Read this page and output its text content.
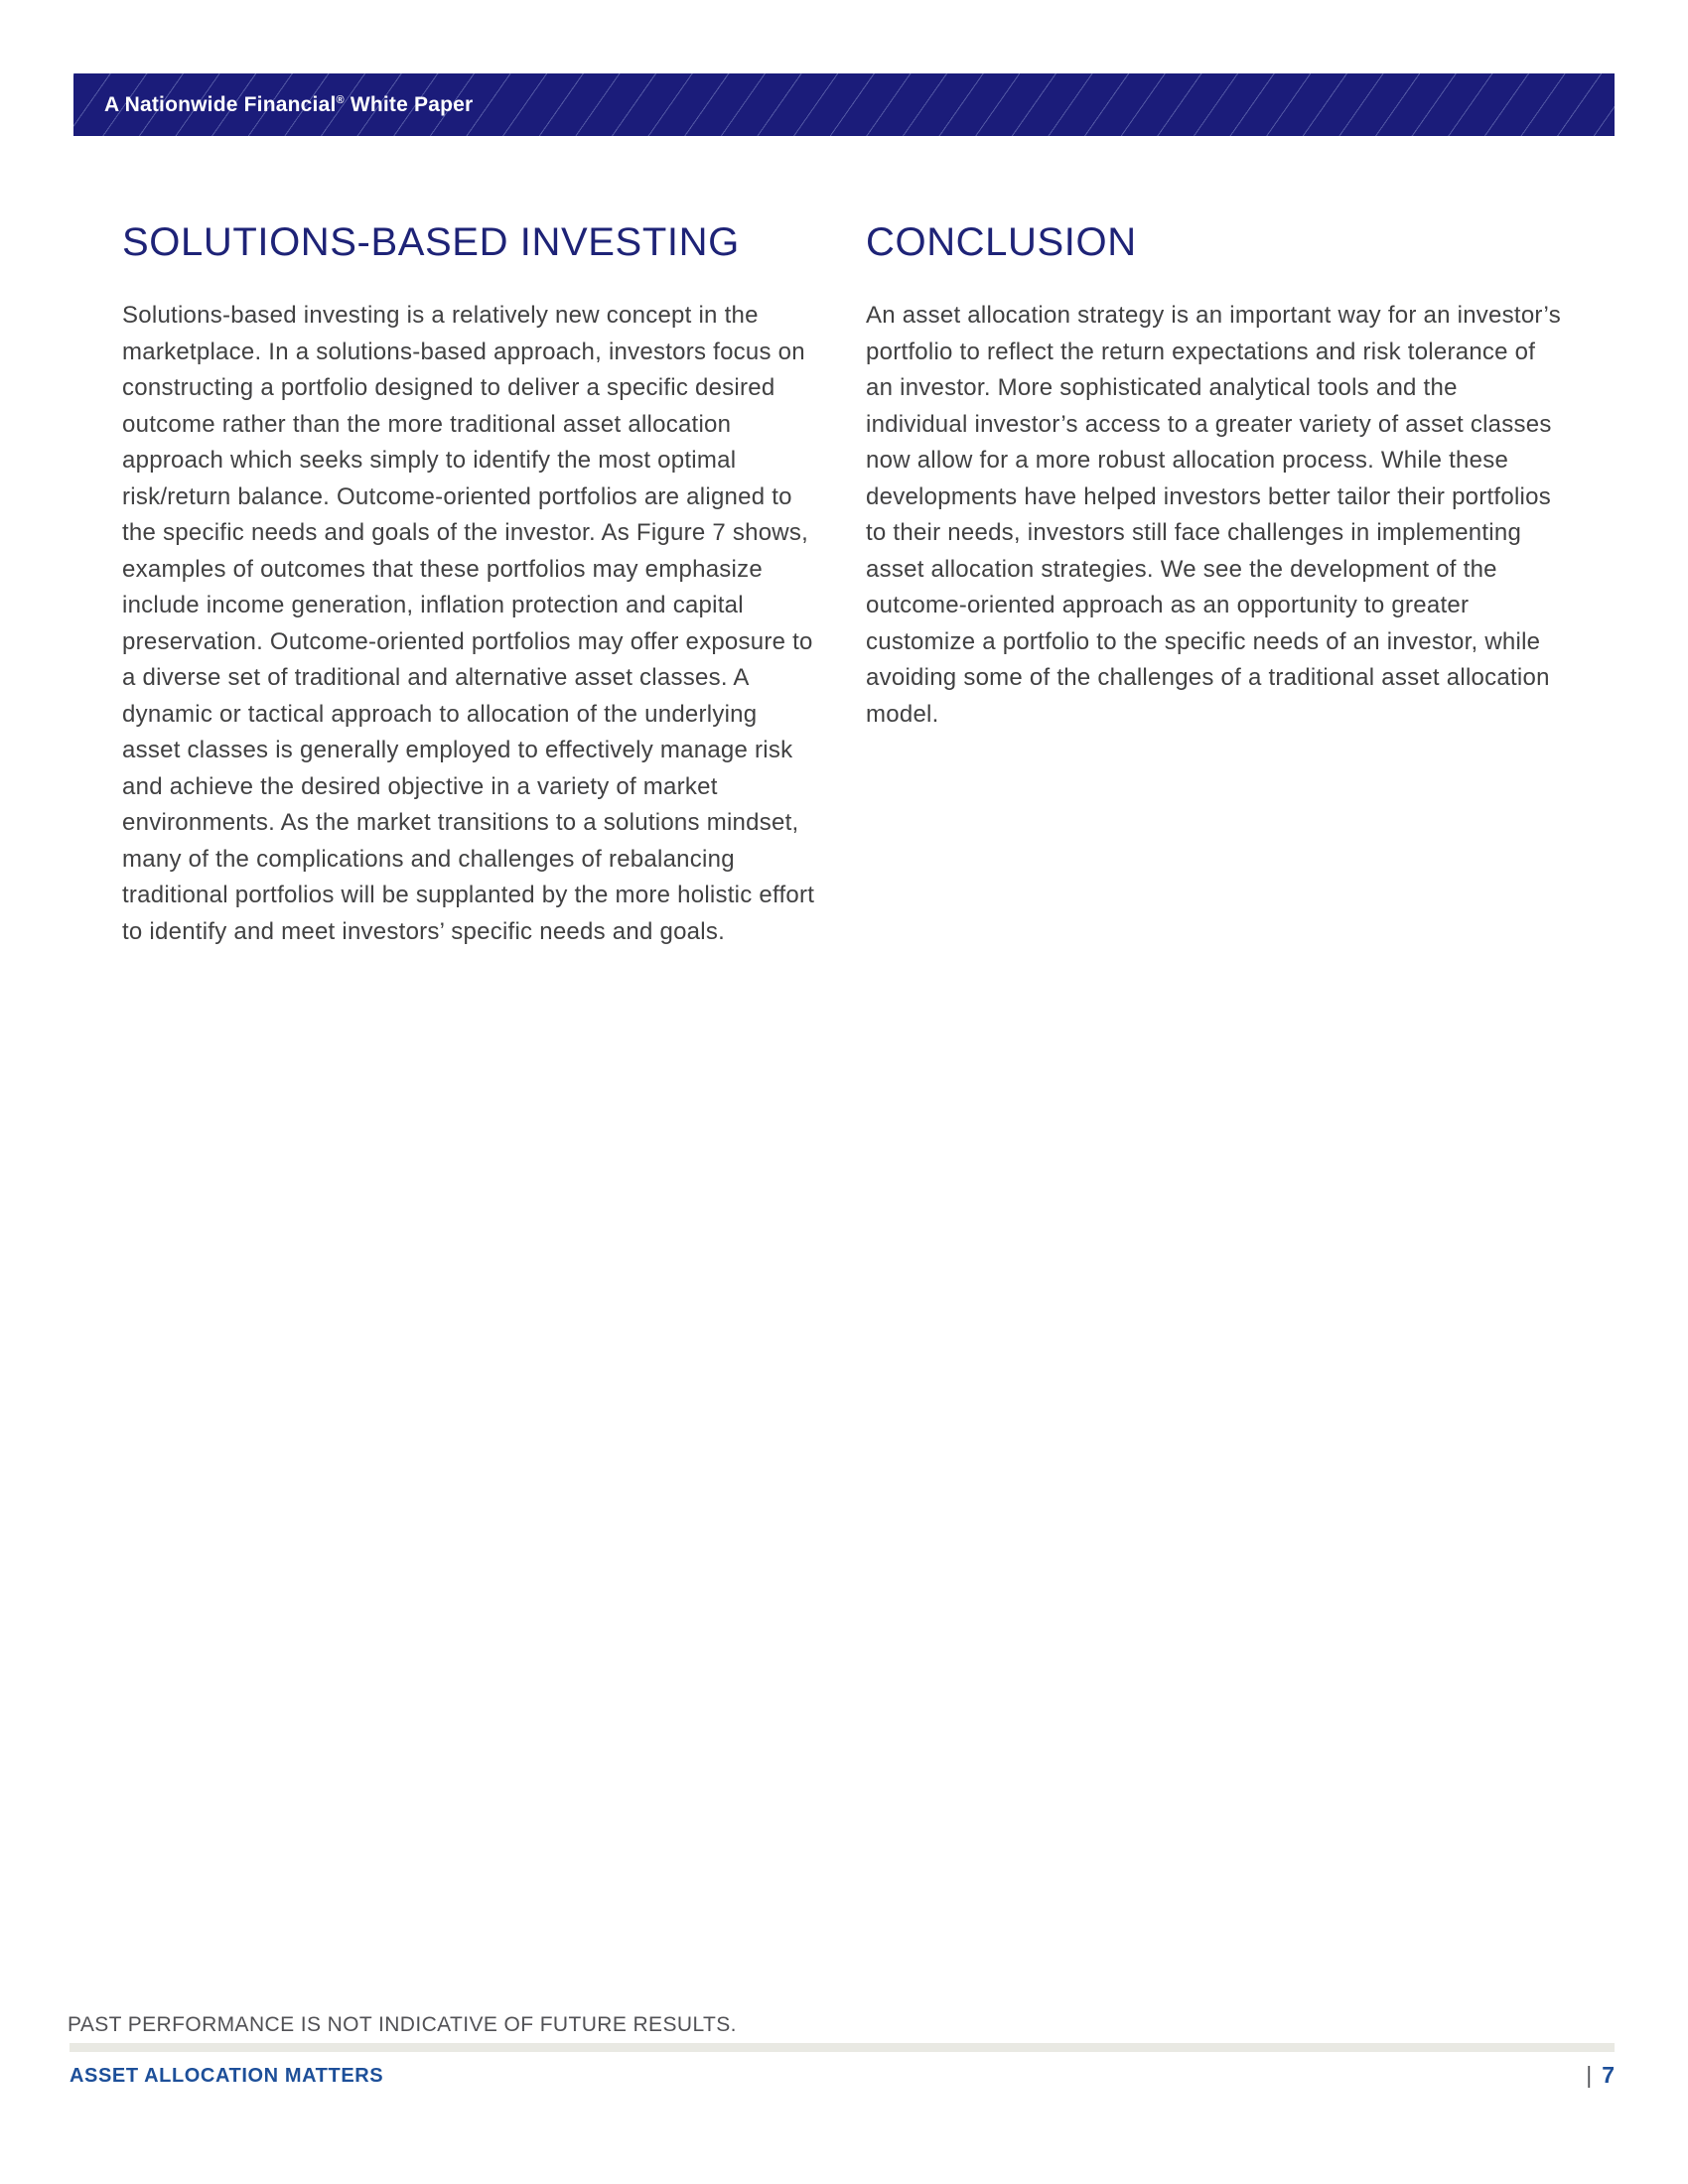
A Nationwide Financial® White Paper
SOLUTIONS-BASED INVESTING

Solutions-based investing is a relatively new concept in the marketplace. In a solutions-based approach, investors focus on constructing a portfolio designed to deliver a specific desired outcome rather than the more traditional asset allocation approach which seeks simply to identify the most optimal risk/return balance. Outcome-oriented portfolios are aligned to the specific needs and goals of the investor. As Figure 7 shows, examples of outcomes that these portfolios may emphasize include income generation, inflation protection and capital preservation. Outcome-oriented portfolios may offer exposure to a diverse set of traditional and alternative asset classes. A dynamic or tactical approach to allocation of the underlying asset classes is generally employed to effectively manage risk and achieve the desired objective in a variety of market environments. As the market transitions to a solutions mindset, many of the complications and challenges of rebalancing traditional portfolios will be supplanted by the more holistic effort to identify and meet investors’ specific needs and goals.

CONCLUSION

An asset allocation strategy is an important way for an investor’s portfolio to reflect the return expectations and risk tolerance of an investor. More sophisticated analytical tools and the individual investor’s access to a greater variety of asset classes now allow for a more robust allocation process. While these developments have helped investors better tailor their portfolios to their needs, investors still face challenges in implementing asset allocation strategies. We see the development of the outcome-oriented approach as an opportunity to greater customize a portfolio to the specific needs of an investor, while avoiding some of the challenges of a traditional asset allocation model.

PAST PERFORMANCE IS NOT INDICATIVE OF FUTURE RESULTS.
ASSET ALLOCATION MATTERS	| 7
